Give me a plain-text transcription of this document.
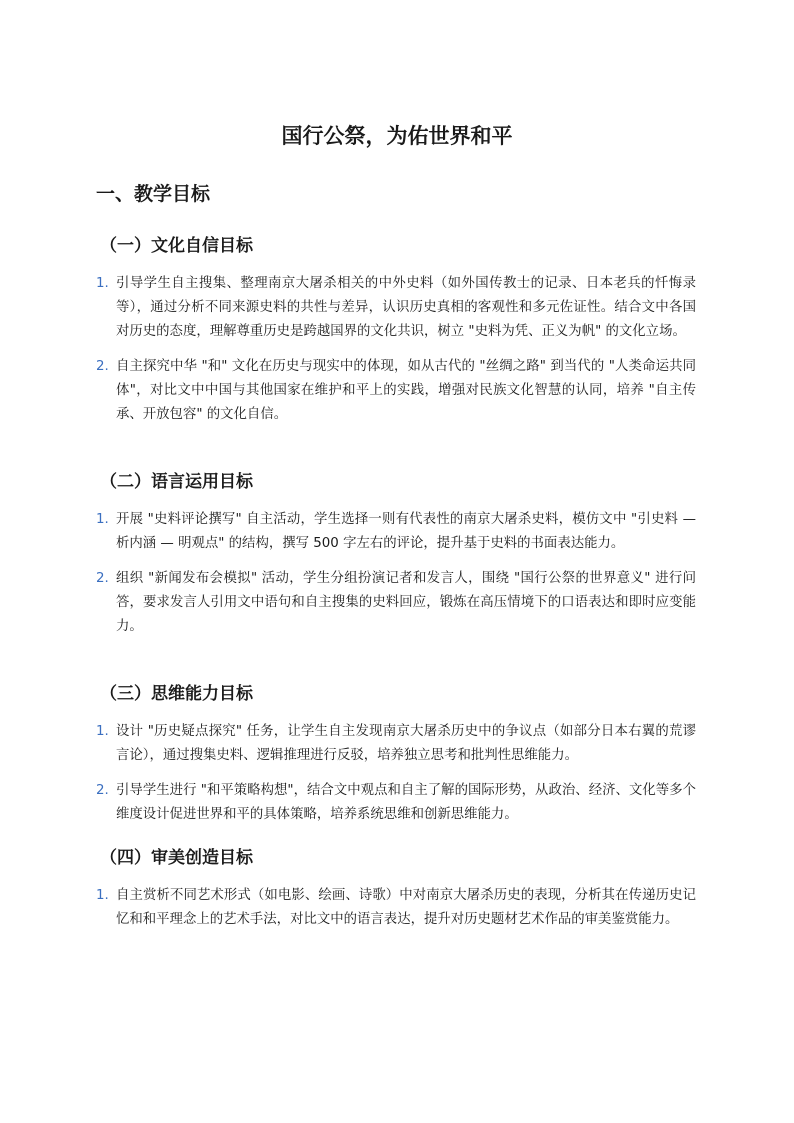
国行公祭，为佑世界和平
一、教学目标
（一）文化自信目标
1. 引导学生自主搜集、整理南京大屠杀相关的中外史料（如外国传教士的记录、日本老兵的忏悔录等），通过分析不同来源史料的共性与差异，认识历史真相的客观性和多元佐证性。结合文中各国对历史的态度，理解尊重历史是跨越国界的文化共识，树立 "史料为凭、正义为帆" 的文化立场。
2. 自主探究中华 "和" 文化在历史与现实中的体现，如从古代的 "丝绸之路" 到当代的 "人类命运共同体"，对比文中中国与其他国家在维护和平上的实践，增强对民族文化智慧的认同，培养 "自主传承、开放包容" 的文化自信。
（二）语言运用目标
1. 开展 "史料评论撰写" 自主活动，学生选择一则有代表性的南京大屠杀史料，模仿文中 "引史料 — 析内涵 — 明观点" 的结构，撰写 500 字左右的评论，提升基于史料的书面表达能力。
2. 组织 "新闻发布会模拟" 活动，学生分组扮演记者和发言人，围绕 "国行公祭的世界意义" 进行问答，要求发言人引用文中语句和自主搜集的史料回应，锻炼在高压情境下的口语表达和即时应变能力。
（三）思维能力目标
1. 设计 "历史疑点探究" 任务，让学生自主发现南京大屠杀历史中的争议点（如部分日本右翼的荒谬言论），通过搜集史料、逻辑推理进行反驳，培养独立思考和批判性思维能力。
2. 引导学生进行 "和平策略构想"，结合文中观点和自主了解的国际形势，从政治、经济、文化等多个维度设计促进世界和平的具体策略，培养系统思维和创新思维能力。
（四）审美创造目标
1. 自主赏析不同艺术形式（如电影、绘画、诗歌）中对南京大屠杀历史的表现，分析其在传递历史记忆和和平理念上的艺术手法，对比文中的语言表达，提升对历史题材艺术作品的审美鉴赏能力。
